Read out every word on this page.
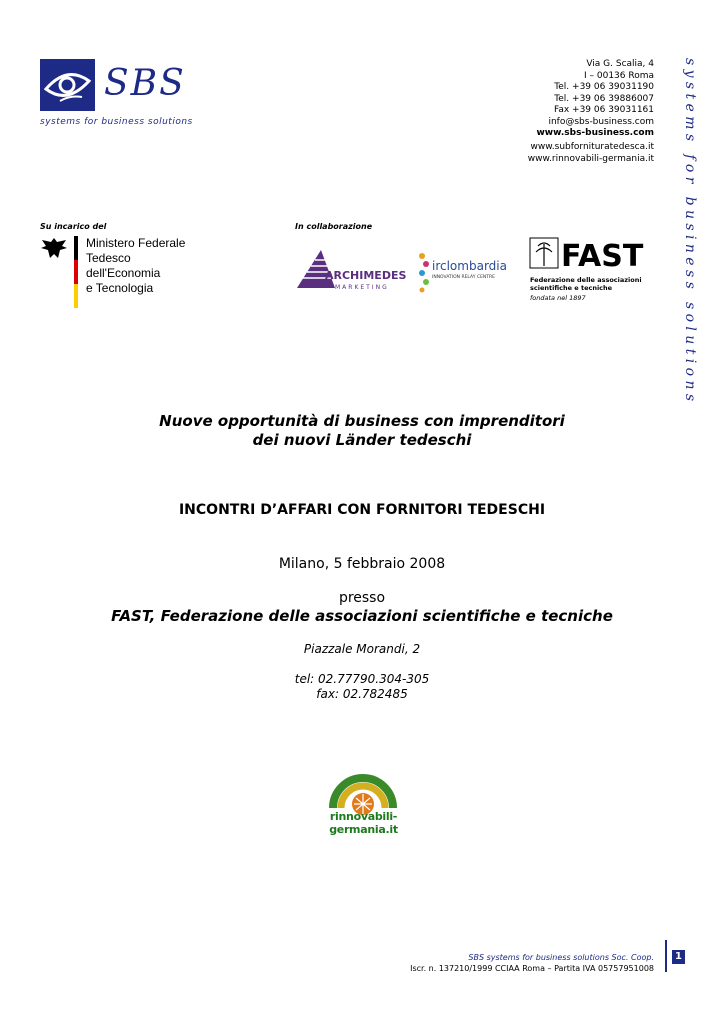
SBS
systems for business solutions
Via G. Scalia, 4
I – 00136 Roma
Tel. +39 06 39031190
Tel. +39 06 39886007
Fax +39 06 39031161
info@sbs-business.com
www.sbs-business.com
www.subfornituratedesca.it
www.rinnovabili-germania.it systems for business solutions
Su incarico del	In collaborazione
Ministero Federale
Tedesco
dell'Economia
e Tecnologia
ARCHIMEDES
MARKETING
irclombardia
INNOVATION RELAY CENTRE
FAST
Federazione delle associazioni
scientifiche e tecniche
fondata nel 1897
Nuove opportunità di business con imprenditori
dei nuovi Länder tedeschi
INCONTRI D’AFFARI CON FORNITORI TEDESCHI
Milano, 5 febbraio 2008
presso
FAST, Federazione delle associazioni scientifiche e tecniche
Piazzale Morandi, 2
tel: 02.77790.304-305
fax: 02.782485
rinnovabili-germania.it
SBS systems for business solutions Soc. Coop.
Iscr. n. 137210/1999 CCIAA Roma – Partita IVA 05757951008
1
